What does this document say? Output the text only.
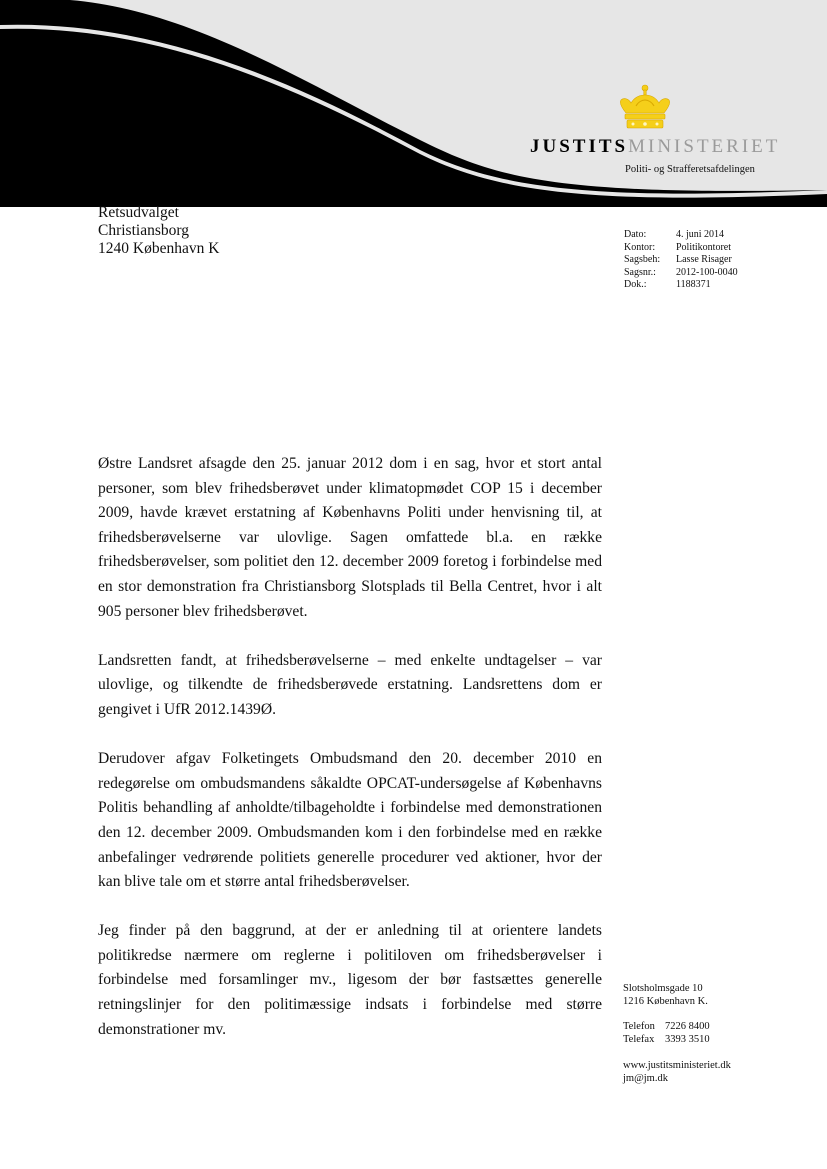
JUSTITSMINISTERIET
Politi- og Strafferetsafdelingen
Retsudvalget
Christiansborg
1240 København K
Dato:	4. juni 2014
Kontor:	Politikontoret
Sagsbeh:	Lasse Risager
Sagsnr.:	2012-100-0040
Dok.:	1188371

Østre Landsret afsagde den 25. januar 2012 dom i en sag, hvor et stort antal personer, som blev frihedsberøvet under klimatopmødet COP 15 i december 2009, havde krævet erstatning af Københavns Politi under henvisning til, at frihedsberøvelserne var ulovlige. Sagen omfattede bl.a. en række frihedsberøvelser, som politiet den 12. december 2009 foretog i forbindelse med en stor demonstration fra Christiansborg Slotsplads til Bella Centret, hvor i alt 905 personer blev frihedsberøvet.

Landsretten fandt, at frihedsberøvelserne – med enkelte undtagelser – var ulovlige, og tilkendte de frihedsberøvede erstatning. Landsrettens dom er gengivet i UfR 2012.1439Ø.

Derudover afgav Folketingets Ombudsmand den 20. december 2010 en redegørelse om ombudsmandens såkaldte OPCAT-undersøgelse af Københavns Politis behandling af anholdte/tilbageholdte i forbindelse med demonstrationen den 12. december 2009. Ombudsmanden kom i den forbindelse med en række anbefalinger vedrørende politiets generelle procedurer ved aktioner, hvor der kan blive tale om et større antal frihedsberøvelser.

Jeg finder på den baggrund, at der er anledning til at orientere landets politikredse nærmere om reglerne i politiloven om frihedsberøvelser i forbindelse med forsamlinger mv., ligesom der bør fastsættes generelle retningslinjer for den politimæssige indsats i forbindelse med større demonstrationer mv.

Slotsholmsgade 10
1216 København K.
Telefon 7226 8400
Telefax 3393 3510
www.justitsministeriet.dk
jm@jm.dk
